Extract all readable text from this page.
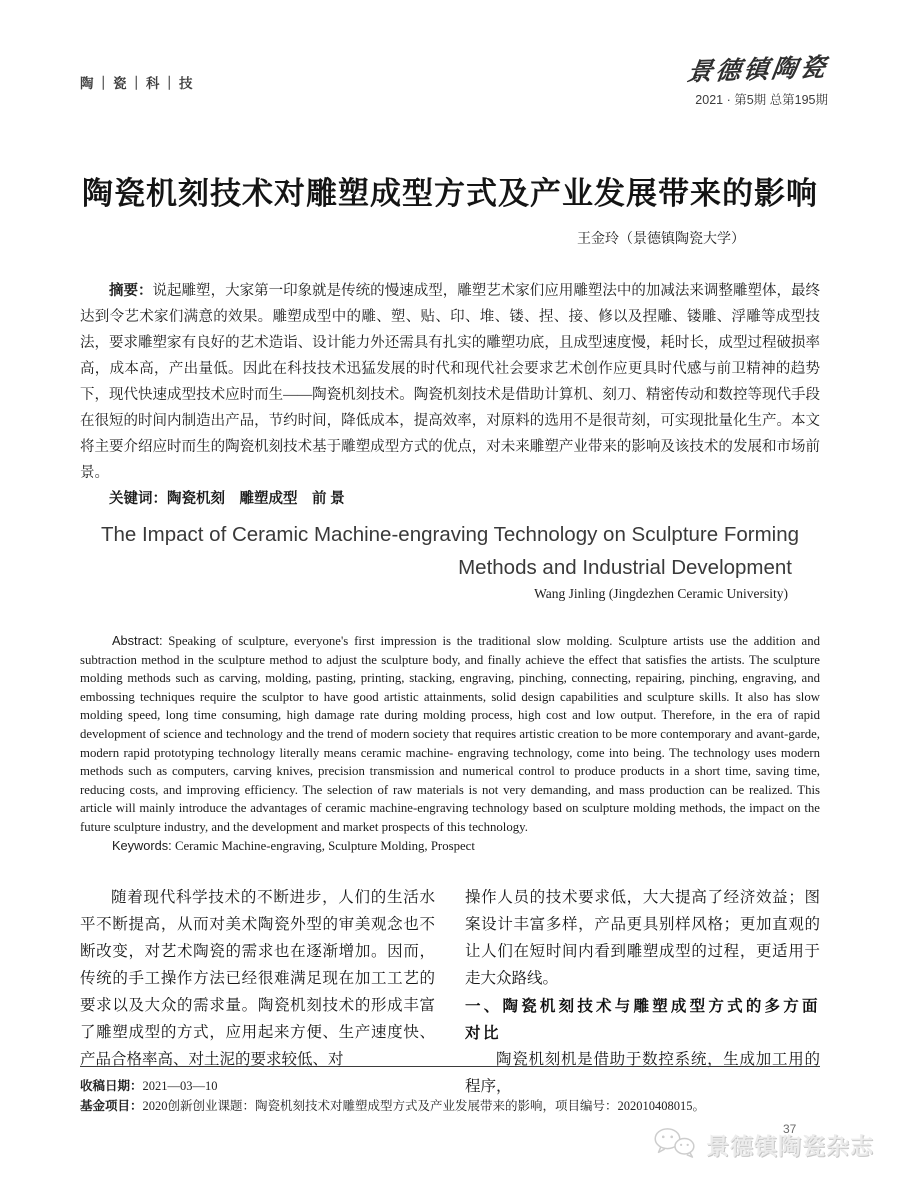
陶｜瓷｜科｜技	景德镇陶瓷
2021 · 第5期 总第195期
陶瓷机刻技术对雕塑成型方式及产业发展带来的影响
王金玲（景德镇陶瓷大学）

摘要：说起雕塑，大家第一印象就是传统的慢速成型，雕塑艺术家们应用雕塑法中的加减法来调整雕塑体，最终达到令艺术家们满意的效果。雕塑成型中的雕、塑、贴、印、堆、镂、捏、接、修以及捏雕、镂雕、浮雕等成型技法，要求雕塑家有良好的艺术造诣、设计能力外还需具有扎实的雕塑功底，且成型速度慢，耗时长，成型过程破损率高，成本高，产出量低。因此在科技技术迅猛发展的时代和现代社会要求艺术创作应更具时代感与前卫精神的趋势下，现代快速成型技术应时而生——陶瓷机刻技术。陶瓷机刻技术是借助计算机、刻刀、精密传动和数控等现代手段在很短的时间内制造出产品，节约时间，降低成本，提高效率，对原料的选用不是很苛刻，可实现批量化生产。本文将主要介绍应时而生的陶瓷机刻技术基于雕塑成型方式的优点，对未来雕塑产业带来的影响及该技术的发展和市场前景。

关键词：陶瓷机刻　雕塑成型　前 景

The Impact of Ceramic Machine-engraving Technology on Sculpture Forming
Methods and Industrial Development
Wang Jinling (Jingdezhen Ceramic University)

Abstract: Speaking of sculpture, everyone's first impression is the traditional slow molding. Sculpture artists use the addition and subtraction method in the sculpture method to adjust the sculpture body, and finally achieve the effect that satisfies the artists. The sculpture molding methods such as carving, molding, pasting, printing, stacking, engraving, pinching, connecting, repairing, pinching, engraving, and embossing techniques require the sculptor to have good artistic attainments, solid design capabilities and sculpture skills. It also has slow molding speed, long time consuming, high damage rate during molding process, high cost and low output. Therefore, in the era of rapid development of science and technology and the trend of modern society that requires artistic creation to be more contemporary and avant-garde, modern rapid prototyping technology literally means ceramic machine- engraving technology, come into being. The technology uses modern methods such as computers, carving knives, precision transmission and numerical control to produce products in a short time, saving time, reducing costs, and improving efficiency. The selection of raw materials is not very demanding, and mass production can be realized. This article will mainly introduce the advantages of ceramic machine-engraving technology based on sculpture molding methods, the impact on the future sculpture industry, and the development and market prospects of this technology.

Keywords: Ceramic Machine-engraving, Sculpture Molding, Prospect

随着现代科学技术的不断进步，人们的生活水平不断提高，从而对美术陶瓷外型的审美观念也不断改变，对艺术陶瓷的需求也在逐渐增加。因而，传统的手工操作方法已经很难满足现在加工工艺的要求以及大众的需求量。陶瓷机刻技术的形成丰富了雕塑成型的方式，应用起来方便、生产速度快、产品合格率高、对土泥的要求较低、对

操作人员的技术要求低，大大提高了经济效益；图案设计丰富多样，产品更具别样风格；更加直观的让人们在短时间内看到雕塑成型的过程，更适用于走大众路线。

一、陶瓷机刻技术与雕塑成型方式的多方面对比

陶瓷机刻机是借助于数控系统，生成加工用的程序，

收稿日期：2021—03—10

基金项目：2020创新创业课题：陶瓷机刻技术对雕塑成型方式及产业发展带来的影响，项目编号：202010408015。

37
景德镇陶瓷杂志
